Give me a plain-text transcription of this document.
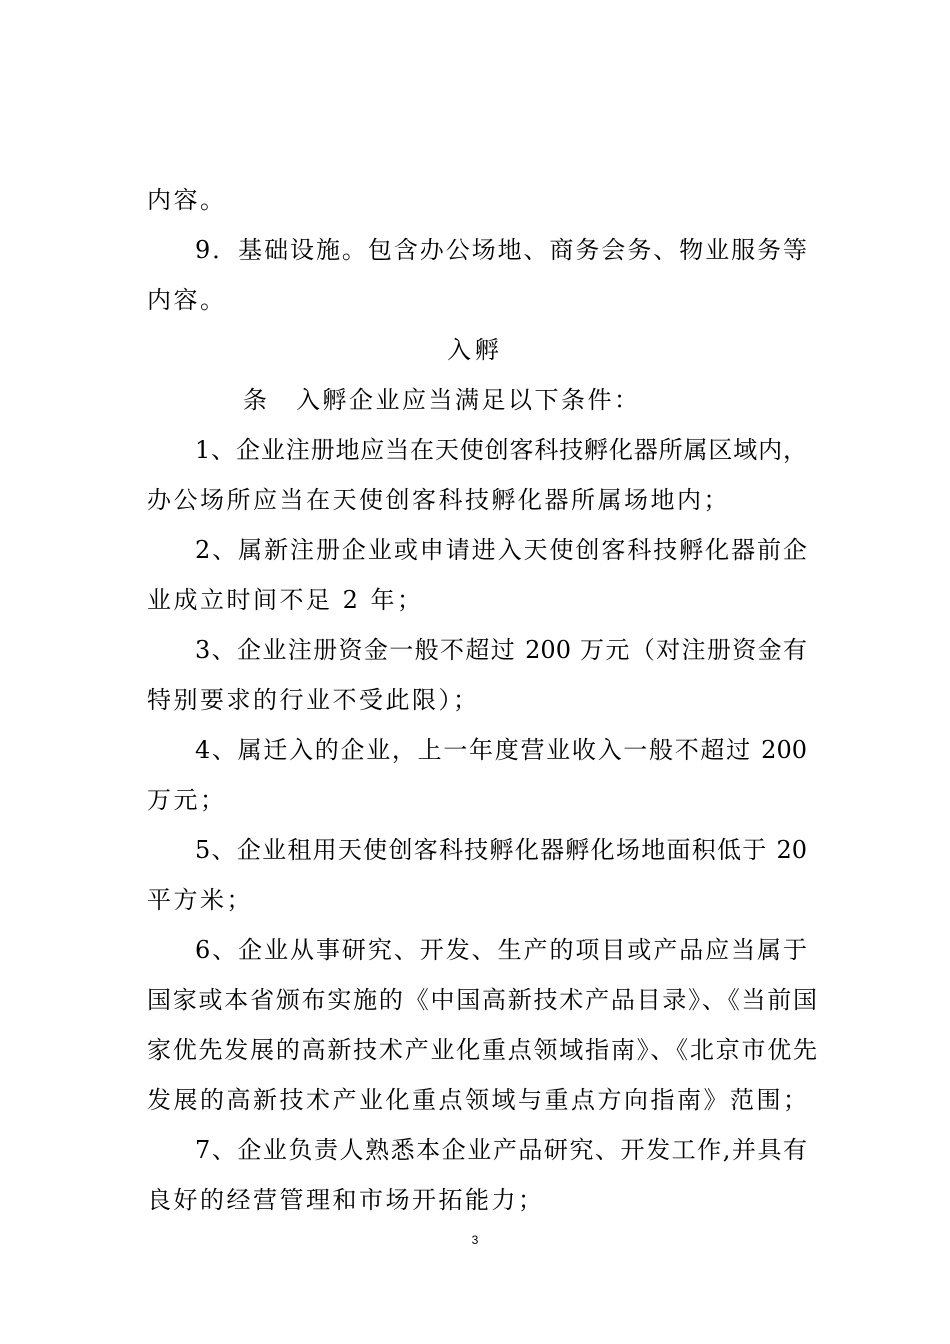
内容。
9．基础设施。包含办公场地、商务会务、物业服务等
内容。
入孵
条　入孵企业应当满足以下条件：
1、企业注册地应当在天使创客科技孵化器所属区域内，
办公场所应当在天使创客科技孵化器所属场地内；
2、属新注册企业或申请进入天使创客科技孵化器前企
业成立时间不足 2 年；
3、企业注册资金一般不超过 200 万元（对注册资金有
特别要求的行业不受此限）；
4、属迁入的企业，上一年度营业收入一般不超过 200
万元；
5、企业租用天使创客科技孵化器孵化场地面积低于 20
平方米；
6、企业从事研究、开发、生产的项目或产品应当属于
国家或本省颁布实施的《中国高新技术产品目录》、《当前国
家优先发展的高新技术产业化重点领域指南》、《北京市优先
发展的高新技术产业化重点领域与重点方向指南》范围；
7、企业负责人熟悉本企业产品研究、开发工作,并具有
良好的经营管理和市场开拓能力；
3
